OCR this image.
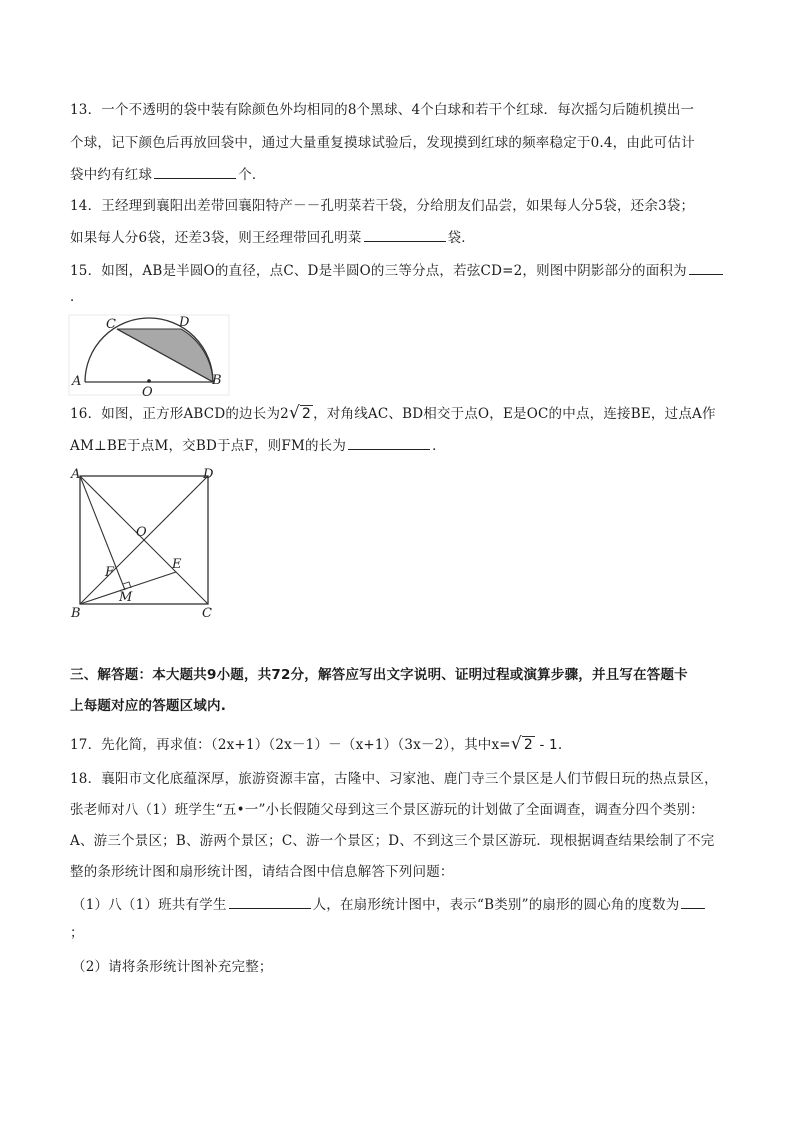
13．一个不透明的袋中装有除颜色外均相同的8个黑球、4个白球和若干个红球．每次摇匀后随机摸出一
个球，记下颜色后再放回袋中，通过大量重复摸球试验后，发现摸到红球的频率稳定于0.4，由此可估计
袋中约有红球	个．
14．王经理到襄阳出差带回襄阳特产－－孔明菜若干袋，分给朋友们品尝，如果每人分5袋，还余3袋；
如果每人分6袋，还差3袋，则王经理带回孔明菜	袋．
15．如图，AB是半圆O的直径，点C、D是半圆O的三等分点，若弦CD=2，则图中阴影部分的面积为
．
C	D
A	B
O
16．如图，正方形ABCD的边长为2√ 2 ，对角线AC、BD相交于点O，E是OC的中点，连接BE，过点A作
AM⊥BE于点M，交BD于点F，则FM的长为	．
A	D
O
E
F
M
B	C
三、解答题：本大题共9小题，共72分，解答应写出文字说明、证明过程或演算步骤，并且写在答题卡
上每题对应的答题区域内.
17．先化简，再求值：（2x+1）（2x－1）－（x+1）（3x－2），其中x=√ 2 - 1.
18．襄阳市文化底蕴深厚，旅游资源丰富，古隆中、习家池、鹿门寺三个景区是人们节假日玩的热点景区，
张老师对八（1）班学生“五•一”小长假随父母到这三个景区游玩的计划做了全面调查，调查分四个类别：
A、游三个景区；B、游两个景区；C、游一个景区；D、不到这三个景区游玩．现根据调查结果绘制了不完
整的条形统计图和扇形统计图，请结合图中信息解答下列问题：
（1）八（1）班共有学生	人，在扇形统计图中，表示“B类别”的扇形的圆心角的度数为
；
（2）请将条形统计图补充完整；
